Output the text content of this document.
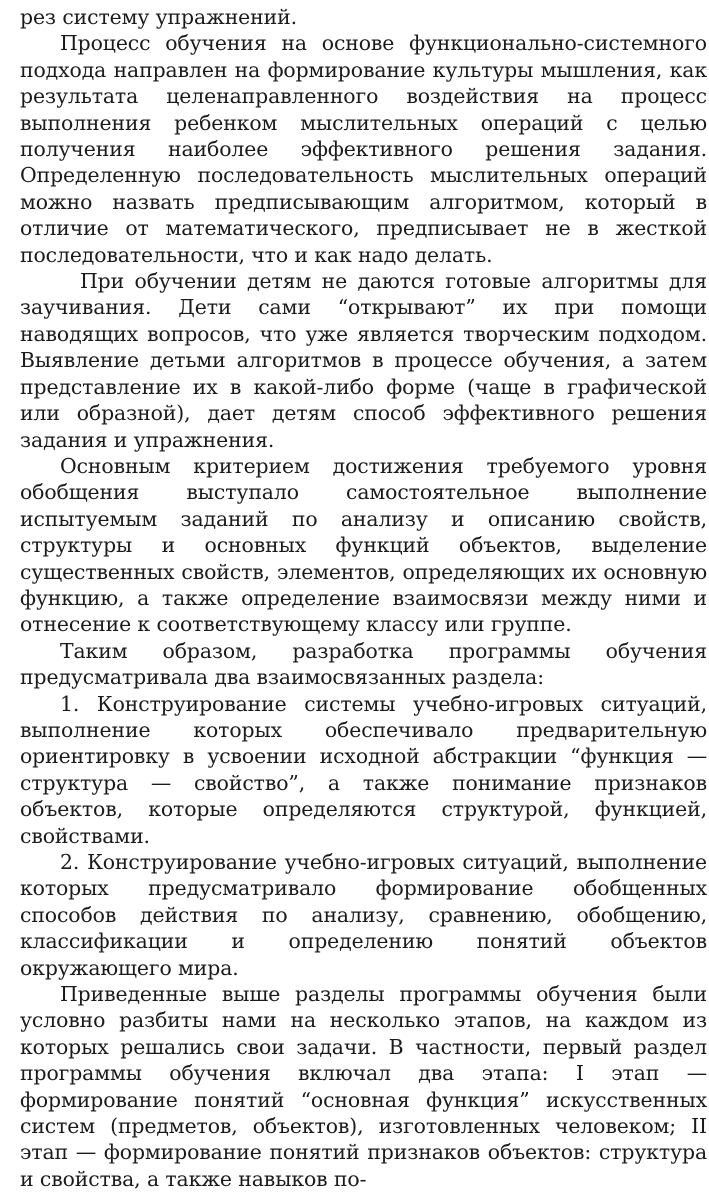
рез систему упражнений.

Процесс обучения на основе функционально-системного подхода направлен на формирование культуры мышления, как результата целенаправленного воздействия на процесс выполнения ребенком мыслительных операций с целью получения наиболее эффективного решения задания. Определенную последовательность мыслительных операций можно назвать предписывающим алгоритмом, который в отличие от математического, предписывает не в жесткой последовательности, что и как надо делать.

При обучении детям не даются готовые алгоритмы для заучивания. Дети сами “открывают” их при помощи наводящих вопросов, что уже является творческим подходом. Выявление детьми алгоритмов в процессе обучения, а затем представление их в какой-либо форме (чаще в графической или образной), дает детям способ эффективного решения задания и упражнения.

Основным критерием достижения требуемого уровня обобщения выступало самостоятельное выполнение испытуемым заданий по анализу и описанию свойств, структуры и основных функций объектов, выделение существенных свойств, элементов, определяющих их основную функцию, а также определение взаимосвязи между ними и отнесение к соответствующему классу или группе.

Таким образом, разработка программы обучения предусматривала два взаимосвязанных раздела:

1. Конструирование системы учебно-игровых ситуаций, выполнение которых обеспечивало предварительную ориентировку в усвоении исходной абстракции “функция — структура — свойство”, а также понимание признаков объектов, которые определяются структурой, функцией, свойствами.

2. Конструирование учебно-игровых ситуаций, выполнение которых предусматривало формирование обобщенных способов действия по анализу, сравнению, обобщению, классификации и определению понятий объектов окружающего мира.

Приведенные выше разделы программы обучения были условно разбиты нами на несколько этапов, на каждом из которых решались свои задачи. В частности, первый раздел программы обучения включал два этапа: I этап — формирование понятий “основная функция” искусственных систем (предметов, объектов), изготовленных человеком; II этап — формирование понятий признаков объектов: структура и свойства, а также навыков по-
